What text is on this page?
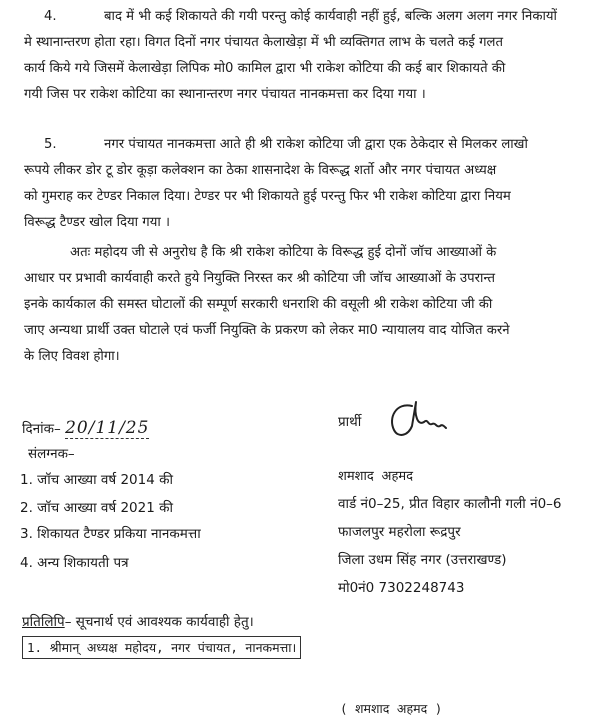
4.	बाद में भी कई शिकायते की गयी परन्तु कोई कार्यवाही नहीं हुई, बल्कि अलग अलग नगर निकायों
मे स्थानान्तरण होता रहा। विगत दिनों नगर पंचायत केलाखेड़ा में भी व्यक्तिगत लाभ के चलते कई गलत
कार्य किये गये जिसमें केलाखेड़ा लिपिक मो0 कामिल द्वारा भी राकेश कोटिया की कई बार शिकायते की
गयी जिस पर राकेश कोटिया का स्थानान्तरण नगर पंचायत नानकमत्ता कर दिया गया ।
5.	नगर पंचायत नानकमत्ता आते ही श्री राकेश कोटिया जी द्वारा एक ठेकेदार से मिलकर लाखो
रूपये लीकर डोर टू डोर कूड़ा कलेक्शन का ठेका शासनादेश के विरूद्ध शर्तो और नगर पंचायत अध्यक्ष
को गुमराह कर टेण्डर निकाल दिया। टेण्डर पर भी शिकायते हुई परन्तु फिर भी राकेश कोटिया द्वारा नियम
विरूद्ध टैण्डर खोल दिया गया ।
अतः महोदय जी से अनुरोध है कि श्री राकेश कोटिया के विरूद्ध हुई दोनों जॉच आख्याओं के
आधार पर प्रभावी कार्यवाही करते हुये नियुक्ति निरस्त कर श्री कोटिया जी जॉच आख्याओं के उपरान्त
इनके कार्यकाल की समस्त घोटालों की सम्पूर्ण सरकारी धनराशि की वसूली श्री राकेश कोटिया जी की
जाए अन्यथा प्रार्थी उक्त घोटाले एवं फर्जी नियुक्ति के प्रकरण को लेकर मा0 न्यायालय वाद योजित करने
के लिए विवश होगा।
दिनांक– 20/11/25
संलग्नक–
1. जॉच आख्या वर्ष 2014 की
2. जॉच आख्या वर्ष 2021 की
3. शिकायत टैण्डर प्रकिया नानकमत्ता
4. अन्य शिकायती पत्र
प्रार्थी
शमशाद अहमद
वार्ड नं0–25, प्रीत विहार कालौनी गली नं0–6
फाजलपुर महरोला रूद्रपुर
जिला उधम सिंह नगर (उत्तराखण्ड)
मो0नं0 7302248743
प्रतिलिपि– सूचनार्थ एवं आवश्यक कार्यवाही हेतु।
1. श्रीमान् अध्यक्ष महोदय, नगर पंचायत, नानकमत्ता।
( शमशाद अहमद )
